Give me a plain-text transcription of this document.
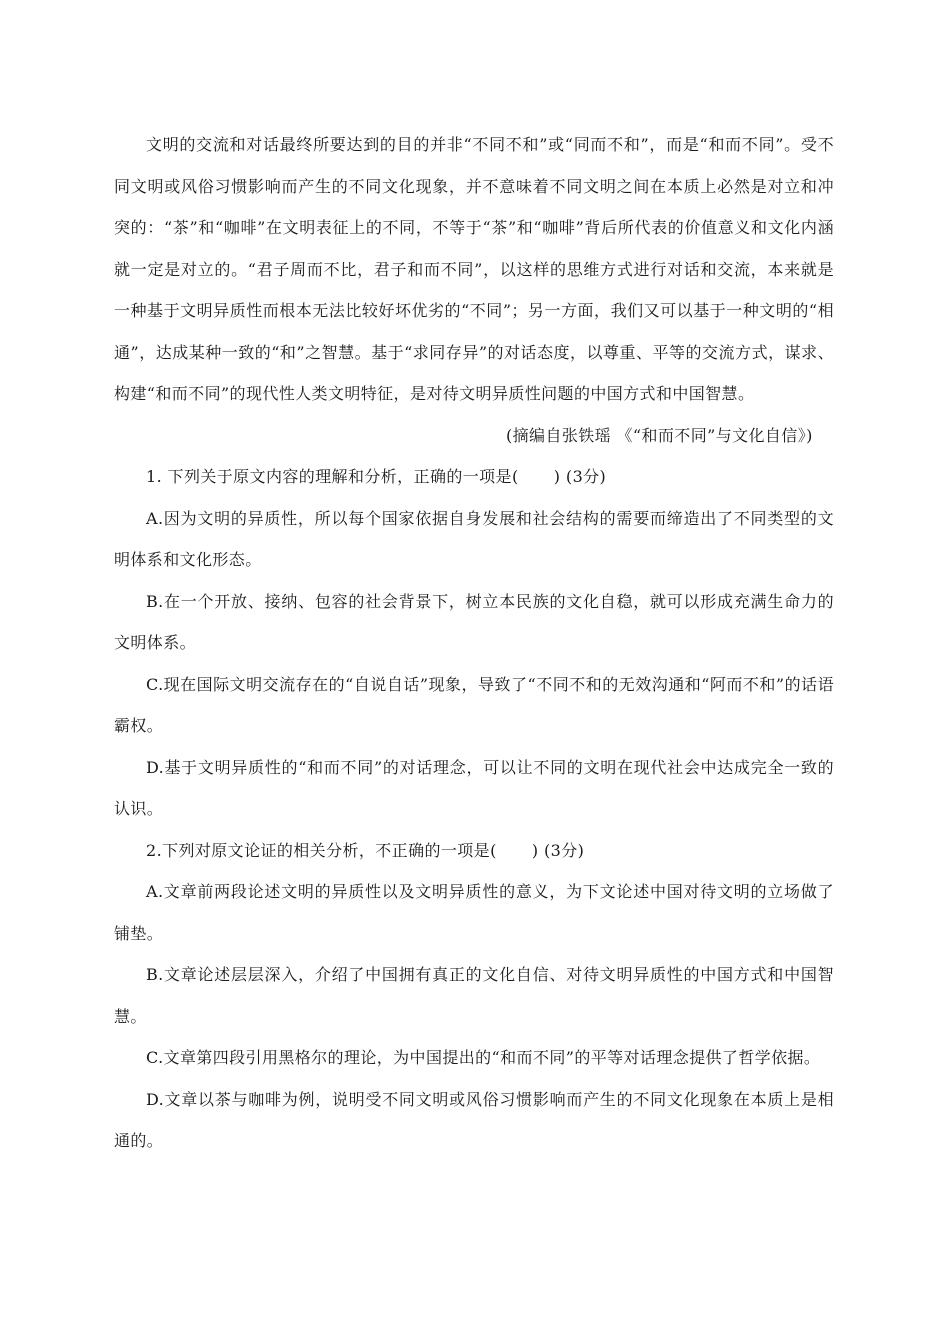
文明的交流和对话最终所要达到的目的并非“不同不和”或“同而不和”，而是“和而不同”。受不同文明或风俗习惯影响而产生的不同文化现象，并不意味着不同文明之间在本质上必然是对立和冲突的：“茶”和“咖啡”在文明表征上的不同，不等于“茶”和“咖啡”背后所代表的价值意义和文化内涵就一定是对立的。“君子周而不比，君子和而不同”，以这样的思维方式进行对话和交流，本来就是一种基于文明异质性而根本无法比较好坏优劣的“不同”；另一方面，我们又可以基于一种文明的“相通”，达成某种一致的“和”之智慧。基于“求同存异”的对话态度，以尊重、平等的交流方式，谋求、构建“和而不同”的现代性人类文明特征，是对待文明异质性问题的中国方式和中国智慧。

(摘编自张铁瑶 《“和而不同”与文化自信》)

1. 下列关于原文内容的理解和分析，正确的一项是( ) (3分)

A.因为文明的异质性，所以每个国家依据自身发展和社会结构的需要而缔造出了不同类型的文明体系和文化形态。

B.在一个开放、接纳、包容的社会背景下，树立本民族的文化自稳，就可以形成充满生命力的文明体系。

C.现在国际文明交流存在的“自说自话”现象，导致了“不同不和的无效沟通和“阿而不和”的话语霸权。

D.基于文明异质性的“和而不同”的对话理念，可以让不同的文明在现代社会中达成完全一致的认识。

2.下列对原文论证的相关分析，不正确的一项是( ) (3分)

A.文章前两段论述文明的异质性以及文明异质性的意义，为下文论述中国对待文明的立场做了铺垫。

B.文章论述层层深入，介绍了中国拥有真正的文化自信、对待文明异质性的中国方式和中国智慧。

C.文章第四段引用黑格尔的理论，为中国提出的“和而不同”的平等对话理念提供了哲学依据。

D.文章以茶与咖啡为例，说明受不同文明或风俗习惯影响而产生的不同文化现象在本质上是相通的。
